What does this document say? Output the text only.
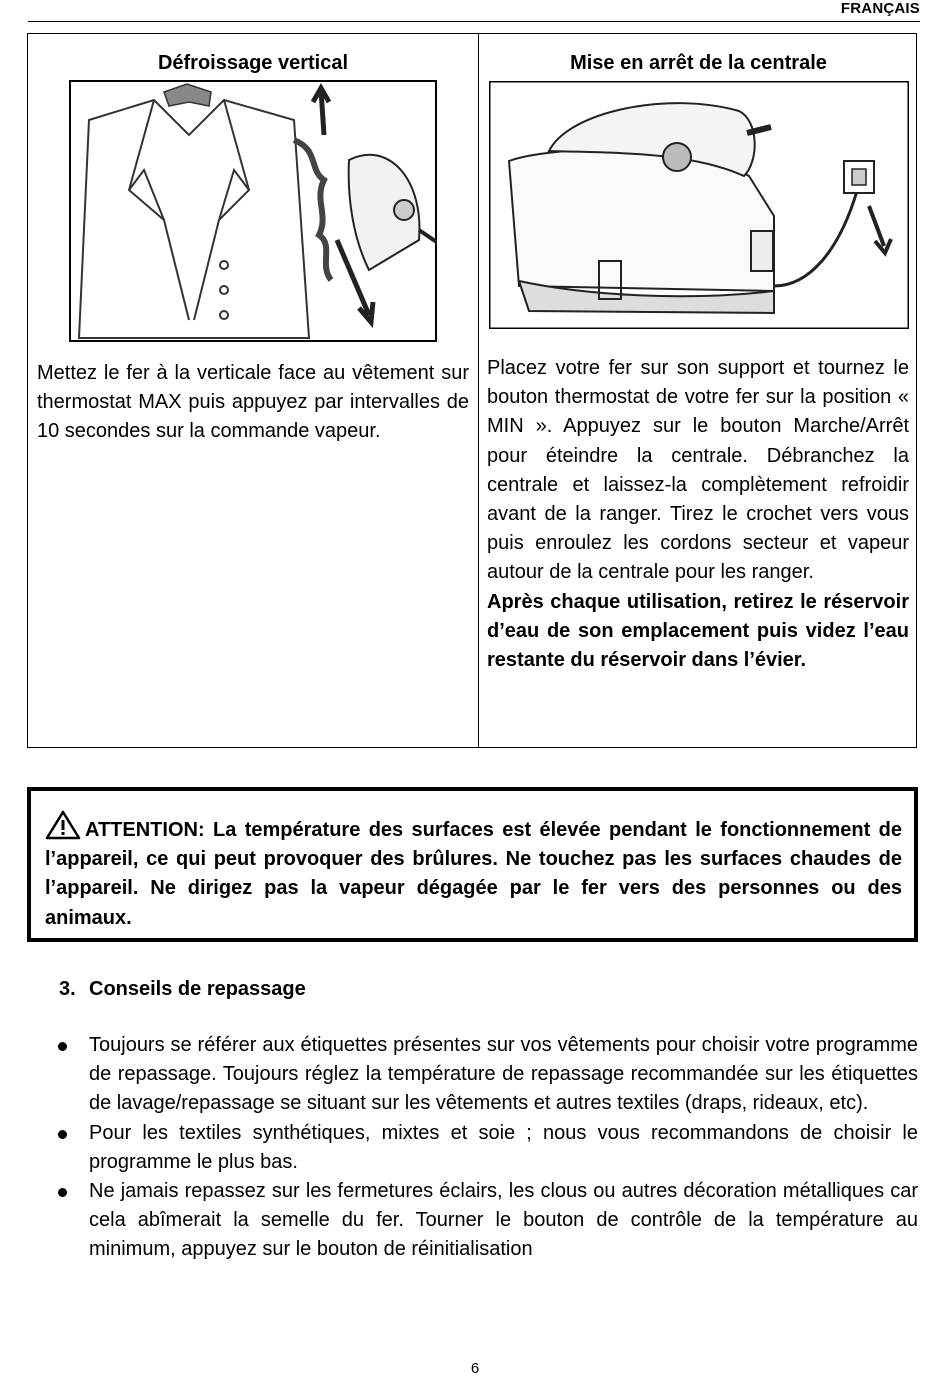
FRANÇAIS
Défroissage vertical	Mise en arrêt de la centrale
Mettez le fer à la verticale face au vêtement sur thermostat MAX puis appuyez par intervalles de 10 secondes sur la commande vapeur.

Placez votre fer sur son support et tournez le bouton thermostat de votre fer sur la position « MIN ». Appuyez sur le bouton Marche/Arrêt pour éteindre la centrale. Débranchez la centrale et laissez-la complètement refroidir avant de la ranger. Tirez le crochet vers vous puis enroulez les cordons secteur et vapeur autour de la centrale pour les ranger.

Après chaque utilisation, retirez le réservoir d’eau de son emplacement puis videz l’eau restante du réservoir dans l’évier.

ATTENTION: La température des surfaces est élevée pendant le fonctionnement de l’appareil, ce qui peut provoquer des brûlures. Ne touchez pas les surfaces chaudes de l’appareil. Ne dirigez pas la vapeur dégagée par le fer vers des personnes ou des animaux.
3. Conseils de repassage
Toujours se référer aux étiquettes présentes sur vos vêtements pour choisir votre programme de repassage. Toujours réglez la température de repassage recommandée sur les étiquettes de lavage/repassage se situant sur les vêtements et autres textiles (draps, rideaux, etc).
Pour les textiles synthétiques, mixtes et soie ; nous vous recommandons de choisir le programme le plus bas.
Ne jamais repassez sur les fermetures éclairs, les clous ou autres décoration métalliques car cela abîmerait la semelle du fer. Tourner le bouton de contrôle de la température au minimum, appuyez sur le bouton de réinitialisation
6
